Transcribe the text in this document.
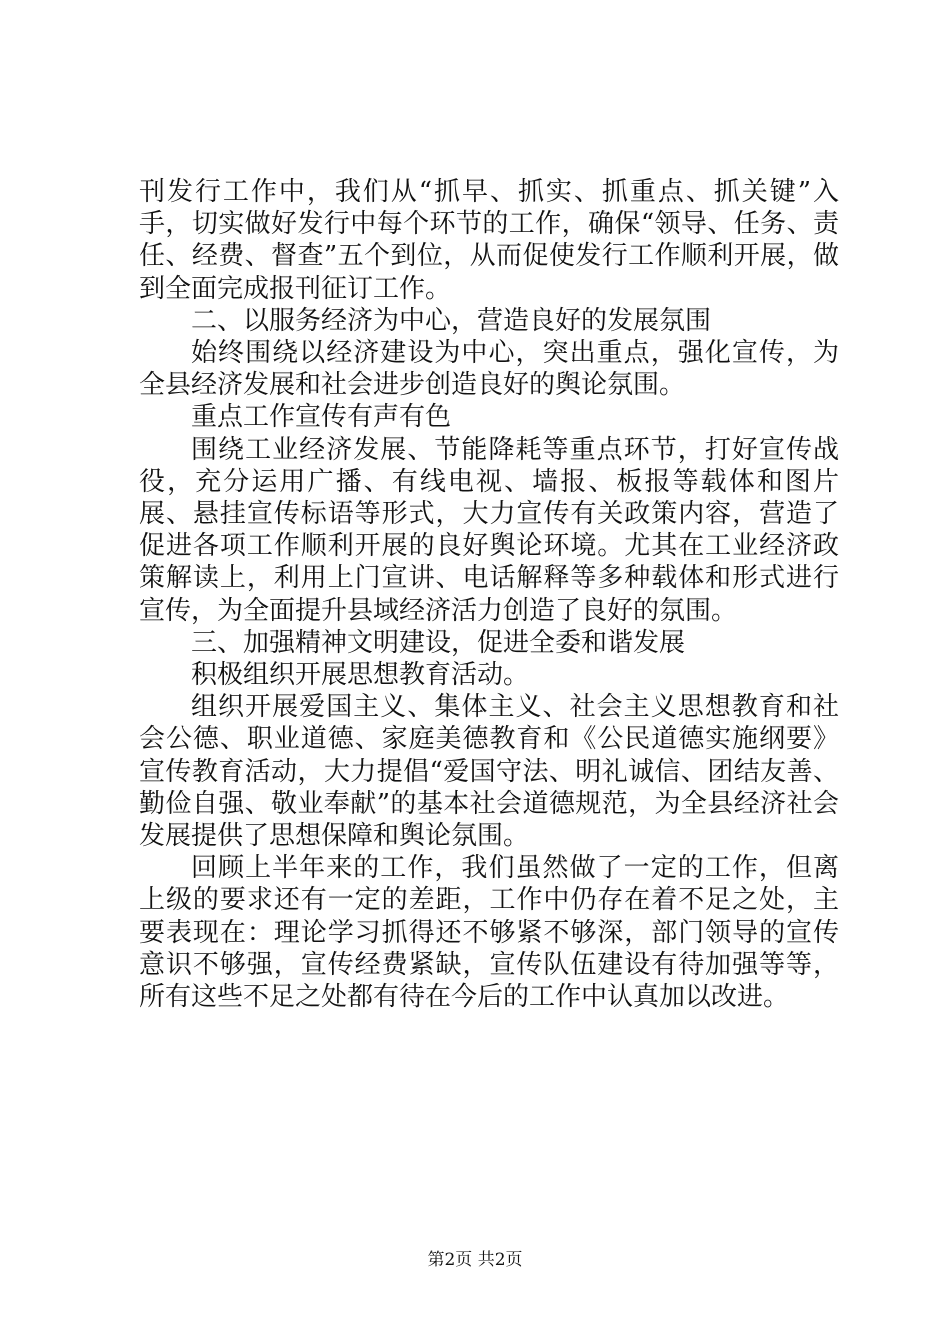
刊发行工作中，我们从“抓早、抓实、抓重点、抓关键”入手，切实做好发行中每个环节的工作，确保“领导、任务、责任、经费、督查”五个到位，从而促使发行工作顺利开展，做到全面完成报刊征订工作。

二、以服务经济为中心，营造良好的发展氛围

始终围绕以经济建设为中心，突出重点，强化宣传，为全县经济发展和社会进步创造良好的舆论氛围。

重点工作宣传有声有色

围绕工业经济发展、节能降耗等重点环节，打好宣传战役，充分运用广播、有线电视、墙报、板报等载体和图片展、悬挂宣传标语等形式，大力宣传有关政策内容，营造了促进各项工作顺利开展的良好舆论环境。尤其在工业经济政策解读上，利用上门宣讲、电话解释等多种载体和形式进行宣传，为全面提升县域经济活力创造了良好的氛围。

三、加强精神文明建设，促进全委和谐发展

积极组织开展思想教育活动。

组织开展爱国主义、集体主义、社会主义思想教育和社会公德、职业道德、家庭美德教育和《公民道德实施纲要》宣传教育活动，大力提倡“爱国守法、明礼诚信、团结友善、勤俭自强、敬业奉献”的基本社会道德规范，为全县经济社会发展提供了思想保障和舆论氛围。

回顾上半年来的工作，我们虽然做了一定的工作，但离上级的要求还有一定的差距，工作中仍存在着不足之处，主要表现在：理论学习抓得还不够紧不够深，部门领导的宣传意识不够强，宣传经费紧缺，宣传队伍建设有待加强等等，所有这些不足之处都有待在今后的工作中认真加以改进。

第2页 共2页
